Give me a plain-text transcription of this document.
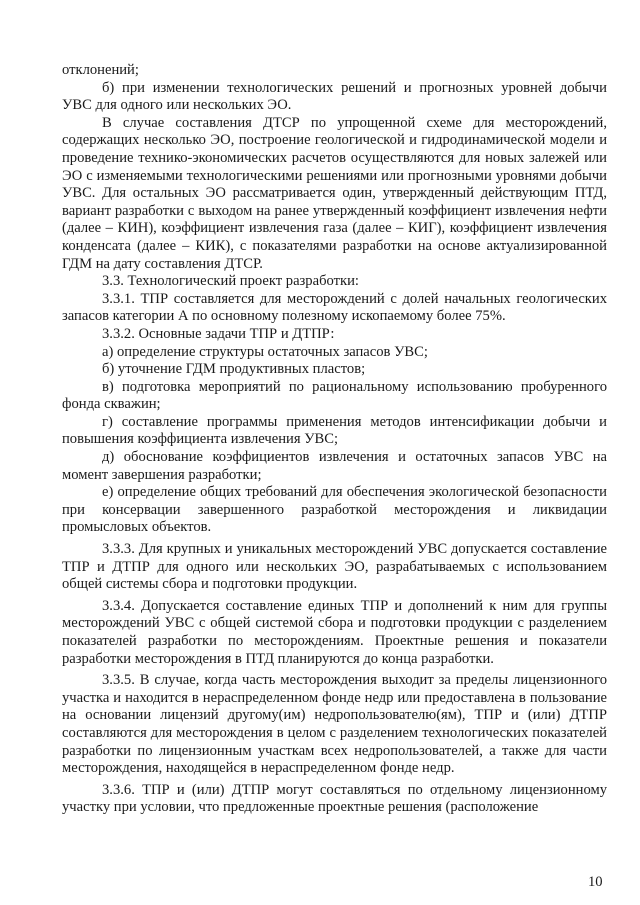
отклонений;

б) при изменении технологических решений и прогнозных уровней добычи УВС для одного или нескольких ЭО.

В случае составления ДТСР по упрощенной схеме для месторождений, содержащих несколько ЭО, построение геологической и гидродинамической модели и проведение технико-экономических расчетов осуществляются для новых залежей или ЭО с изменяемыми технологическими решениями или прогнозными уровнями добычи УВС. Для остальных ЭО рассматривается один, утвержденный действующим ПТД, вариант разработки с выходом на ранее утвержденный коэффициент извлечения нефти (далее – КИН), коэффициент извлечения газа (далее – КИГ), коэффициент извлечения конденсата (далее – КИК), с показателями разработки на основе актуализированной ГДМ на дату составления ДТСР.

3.3. Технологический проект разработки:

3.3.1. ТПР составляется для месторождений с долей начальных геологических запасов категории А по основному полезному ископаемому более 75%.

3.3.2. Основные задачи ТПР и ДТПР:

а) определение структуры остаточных запасов УВС;

б) уточнение ГДМ продуктивных пластов;

в) подготовка мероприятий по рациональному использованию пробуренного фонда скважин;

г) составление программы применения методов интенсификации добычи и повышения коэффициента извлечения УВС;

д) обоснование коэффициентов извлечения и остаточных запасов УВС на момент завершения разработки;

е) определение общих требований для обеспечения экологической безопасности при консервации завершенного разработкой месторождения и ликвидации промысловых объектов.

3.3.3. Для крупных и уникальных месторождений УВС допускается составление ТПР и ДТПР для одного или нескольких ЭО, разрабатываемых с использованием общей системы сбора и подготовки продукции.

3.3.4. Допускается составление единых ТПР и дополнений к ним для группы месторождений УВС с общей системой сбора и подготовки продукции с разделением показателей разработки по месторождениям. Проектные решения и показатели разработки месторождения в ПТД планируются до конца разработки.

3.3.5. В случае, когда часть месторождения выходит за пределы лицензионного участка и находится в нераспределенном фонде недр или предоставлена в пользование на основании лицензий другому(им) недропользователю(ям), ТПР и (или) ДТПР составляются для месторождения в целом с разделением технологических показателей разработки по лицензионным участкам всех недропользователей, а также для части месторождения, находящейся в нераспределенном фонде недр.

3.3.6. ТПР и (или) ДТПР могут составляться по отдельному лицензионному участку при условии, что предложенные проектные решения (расположение

10
